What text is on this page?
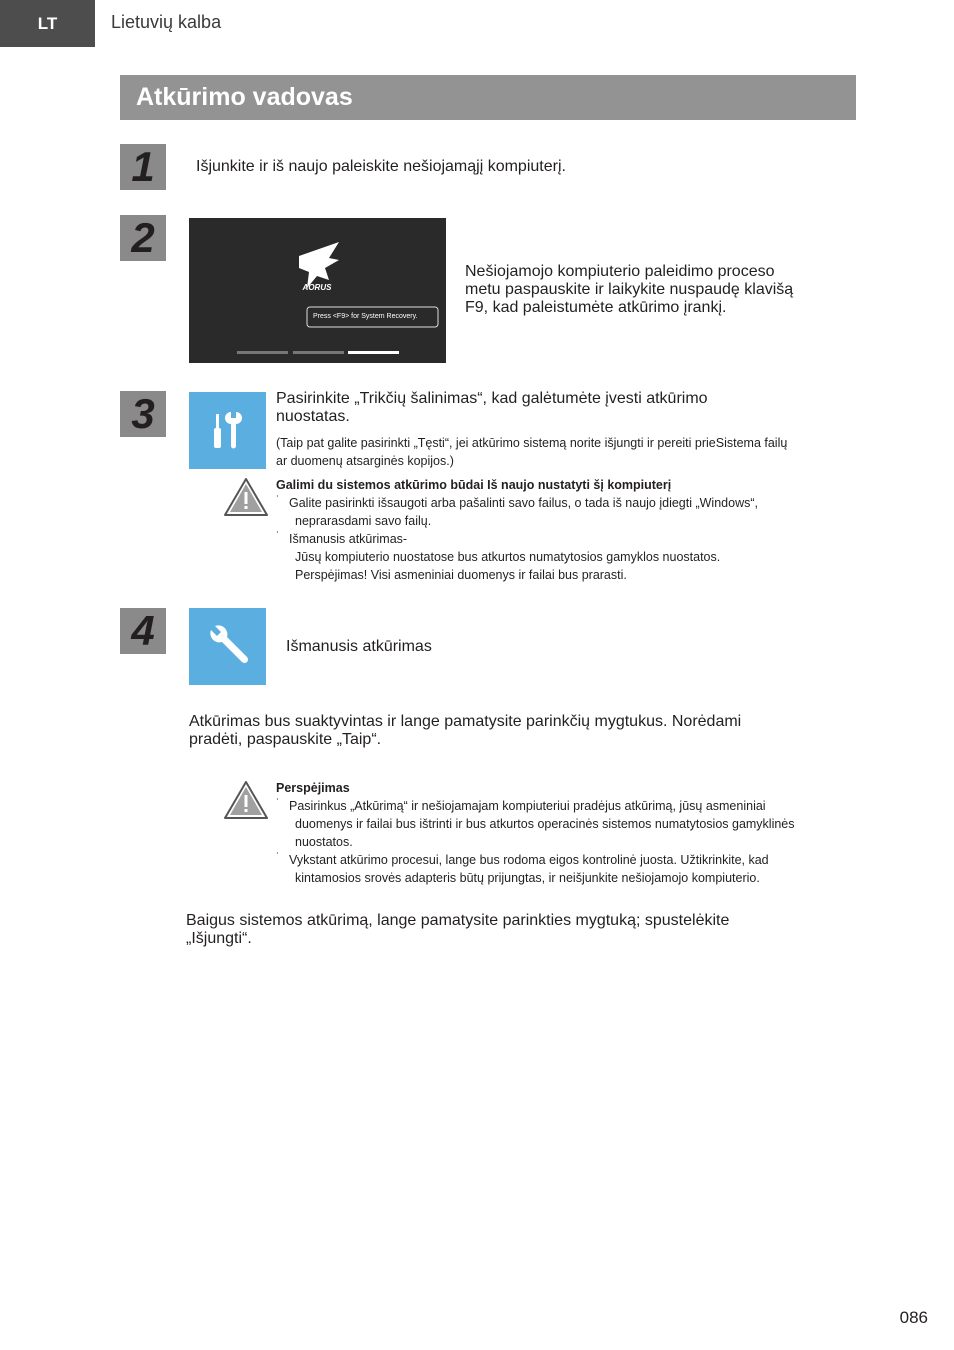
LT	Lietuvių kalba
Atkūrimo vadovas
1	Išjunkite ir iš naujo paleiskite nešiojamąjį kompiuterį.
2
AORUS
Press <F9> for System Recovery.
Nešiojamojo kompiuterio paleidimo proceso
metu paspauskite ir laikykite nuspaudę klavišą
F9, kad paleistumėte atkūrimo įrankį.
3	Pasirinkite „Trikčių šalinimas“, kad galėtumėte įvesti atkūrimo
nuostatas.
(Taip pat galite pasirinkti „Tęsti“, jei atkūrimo sistemą norite išjungti ir pereiti prieSistema failų
ar duomenų atsarginės kopijos.)
Galimi du sistemos atkūrimo būdai Iš naujo nustatyti šį kompiuterį
˙ Galite pasirinkti išsaugoti arba pašalinti savo failus, o tada iš naujo įdiegti „Windows“,
neprarasdami savo failų.
˙ Išmanusis atkūrimas-
Jūsų kompiuterio nuostatose bus atkurtos numatytosios gamyklos nuostatos.
Perspėjimas! Visi asmeniniai duomenys ir failai bus prarasti.
4	Išmanusis atkūrimas
Atkūrimas bus suaktyvintas ir lange pamatysite parinkčių mygtukus. Norėdami
pradėti, paspauskite „Taip“.
Perspėjimas
˙ Pasirinkus „Atkūrimą“ ir nešiojamajam kompiuteriui pradėjus atkūrimą, jūsų asmeniniai
duomenys ir failai bus ištrinti ir bus atkurtos operacinės sistemos numatytosios gamyklinės
nuostatos.
˙ Vykstant atkūrimo procesui, lange bus rodoma eigos kontrolinė juosta. Užtikrinkite, kad
kintamosios srovės adapteris būtų prijungtas, ir neišjunkite nešiojamojo kompiuterio.
Baigus sistemos atkūrimą, lange pamatysite parinkties mygtuką; spustelėkite
„Išjungti“.
086
